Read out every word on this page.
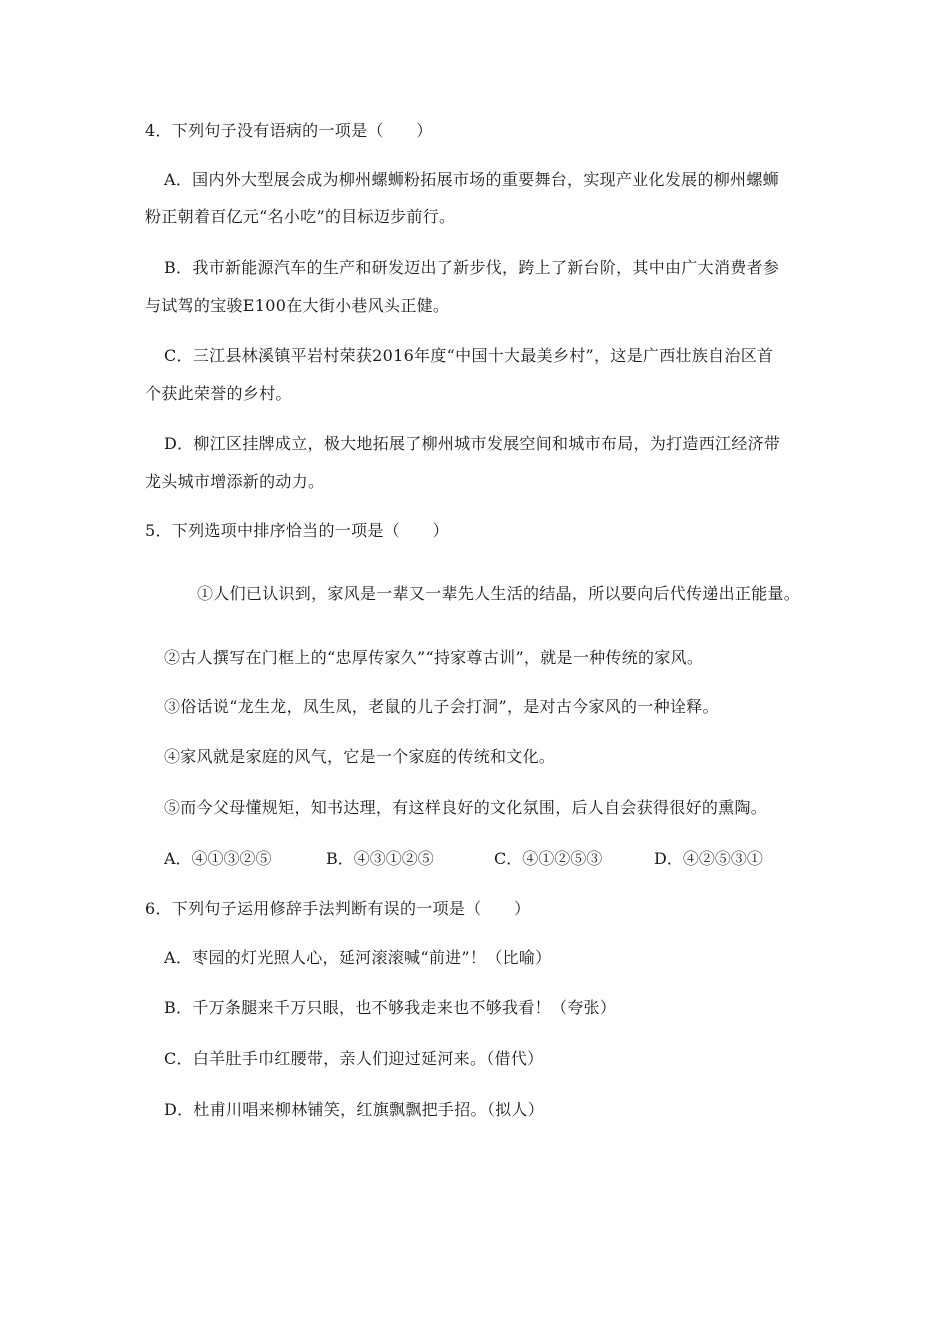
4．下列句子没有语病的一项是（　　）
A．国内外大型展会成为柳州螺蛳粉拓展市场的重要舞台，实现产业化发展的柳州螺蛳
粉正朝着百亿元“名小吃”的目标迈步前行。
B．我市新能源汽车的生产和研发迈出了新步伐，跨上了新台阶，其中由广大消费者参
与试驾的宝骏E100在大街小巷风头正健。
C．三江县林溪镇平岩村荣获2016年度“中国十大最美乡村”，这是广西壮族自治区首
个获此荣誉的乡村。
D．柳江区挂牌成立，极大地拓展了柳州城市发展空间和城市布局，为打造西江经济带
龙头城市增添新的动力。
5．下列选项中排序恰当的一项是（　　）
①人们已认识到，家风是一辈又一辈先人生活的结晶，所以要向后代传递出正能量。
②古人撰写在门框上的“忠厚传家久”“持家尊古训”，就是一种传统的家风。
③俗话说“龙生龙，凤生凤，老鼠的儿子会打洞”，是对古今家风的一种诠释。
④家风就是家庭的风气，它是一个家庭的传统和文化。
⑤而今父母懂规矩，知书达理，有这样良好的文化氛围，后人自会获得很好的熏陶。
A．④①③②⑤	B．④③①②⑤	C．④①②⑤③	D．④②⑤③①
6．下列句子运用修辞手法判断有误的一项是（　　）
A．枣园的灯光照人心，延河滚滚喊“前进”！（比喻）
B．千万条腿来千万只眼，也不够我走来也不够我看！（夸张）
C．白羊肚手巾红腰带，亲人们迎过延河来。（借代）
D．杜甫川唱来柳林铺笑，红旗飘飘把手招。（拟人）
